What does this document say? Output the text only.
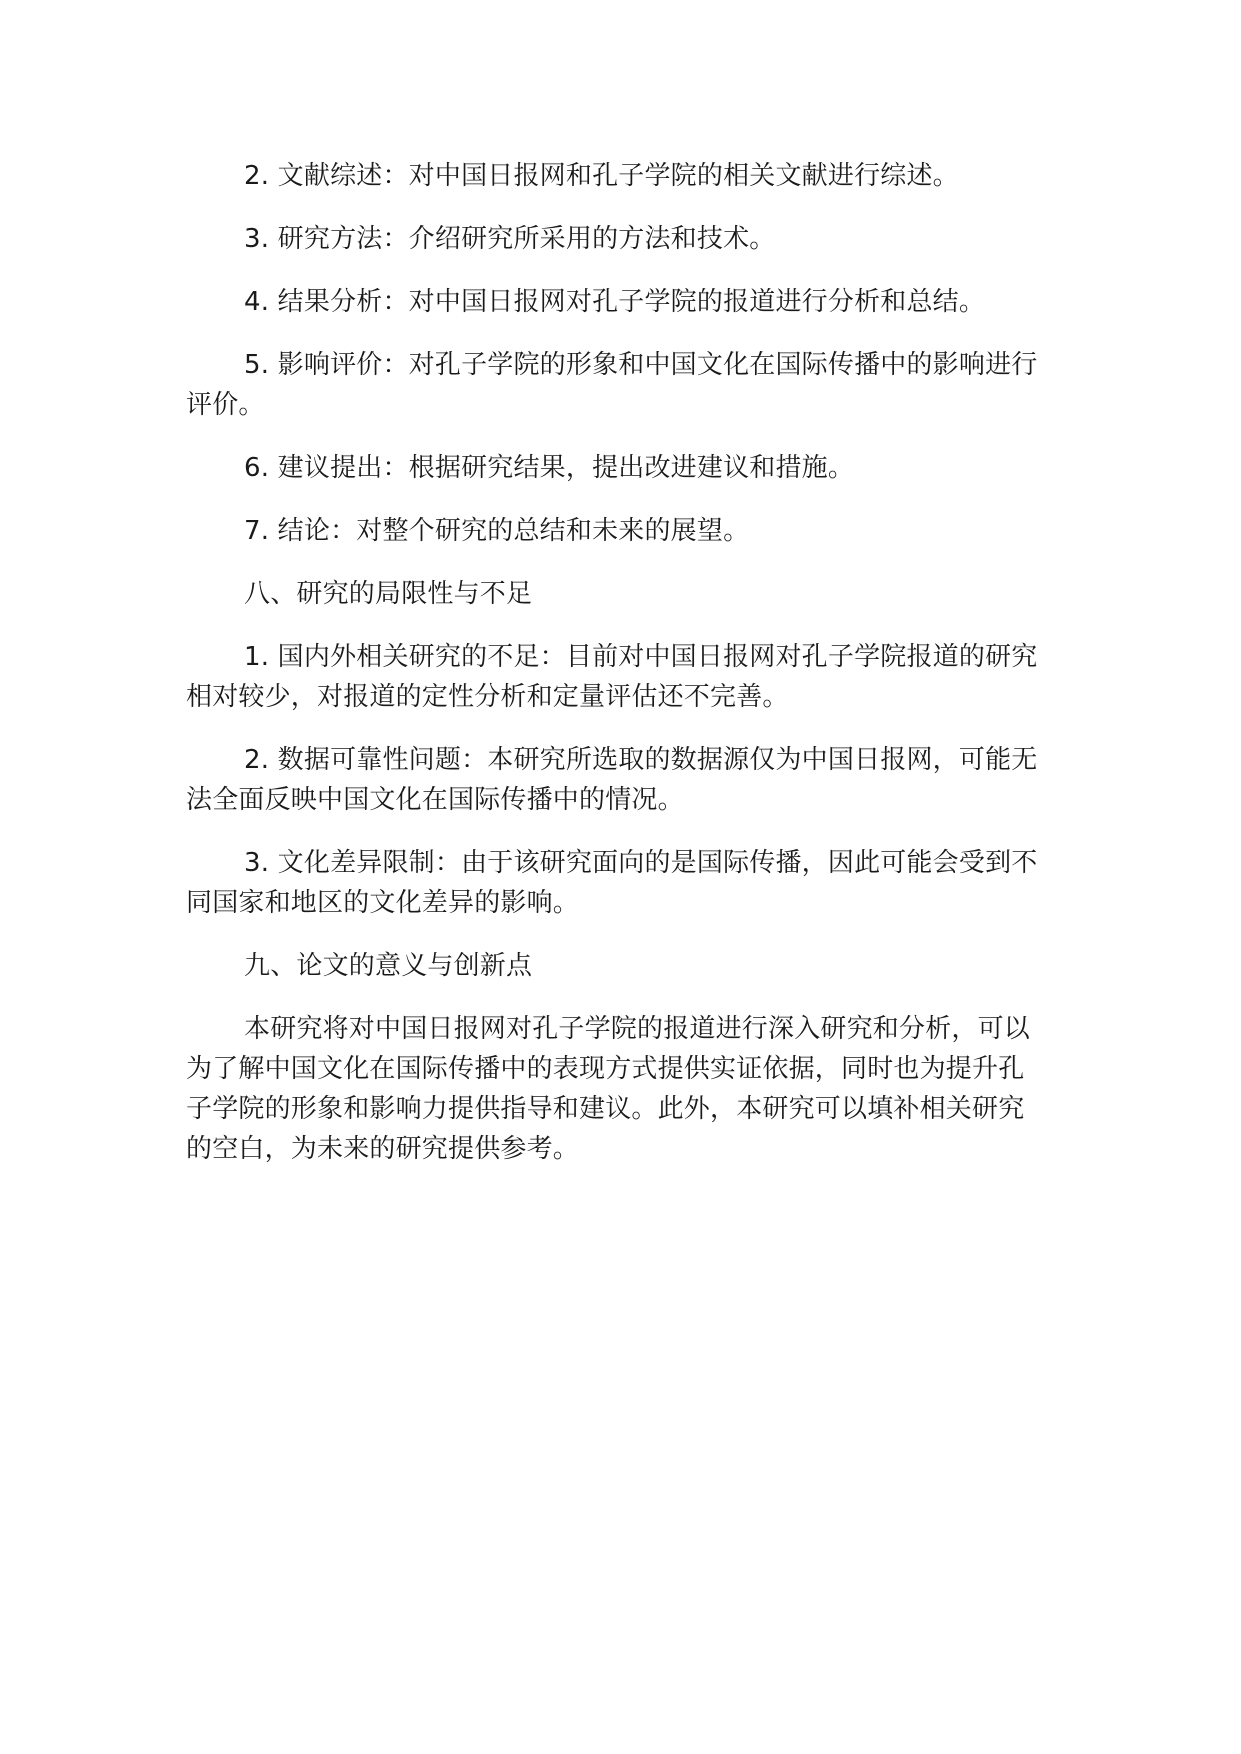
2. 文献综述：对中国日报网和孔子学院的相关文献进行综述。

3. 研究方法：介绍研究所采用的方法和技术。

4. 结果分析：对中国日报网对孔子学院的报道进行分析和总结。

5. 影响评价：对孔子学院的形象和中国文化在国际传播中的影响进行评价。

6. 建议提出：根据研究结果，提出改进建议和措施。

7. 结论：对整个研究的总结和未来的展望。

八、研究的局限性与不足

1. 国内外相关研究的不足：目前对中国日报网对孔子学院报道的研究相对较少，对报道的定性分析和定量评估还不完善。

2. 数据可靠性问题：本研究所选取的数据源仅为中国日报网，可能无法全面反映中国文化在国际传播中的情况。

3. 文化差异限制：由于该研究面向的是国际传播，因此可能会受到不同国家和地区的文化差异的影响。

九、论文的意义与创新点

本研究将对中国日报网对孔子学院的报道进行深入研究和分析，可以为了解中国文化在国际传播中的表现方式提供实证依据，同时也为提升孔子学院的形象和影响力提供指导和建议。此外，本研究可以填补相关研究的空白，为未来的研究提供参考。
